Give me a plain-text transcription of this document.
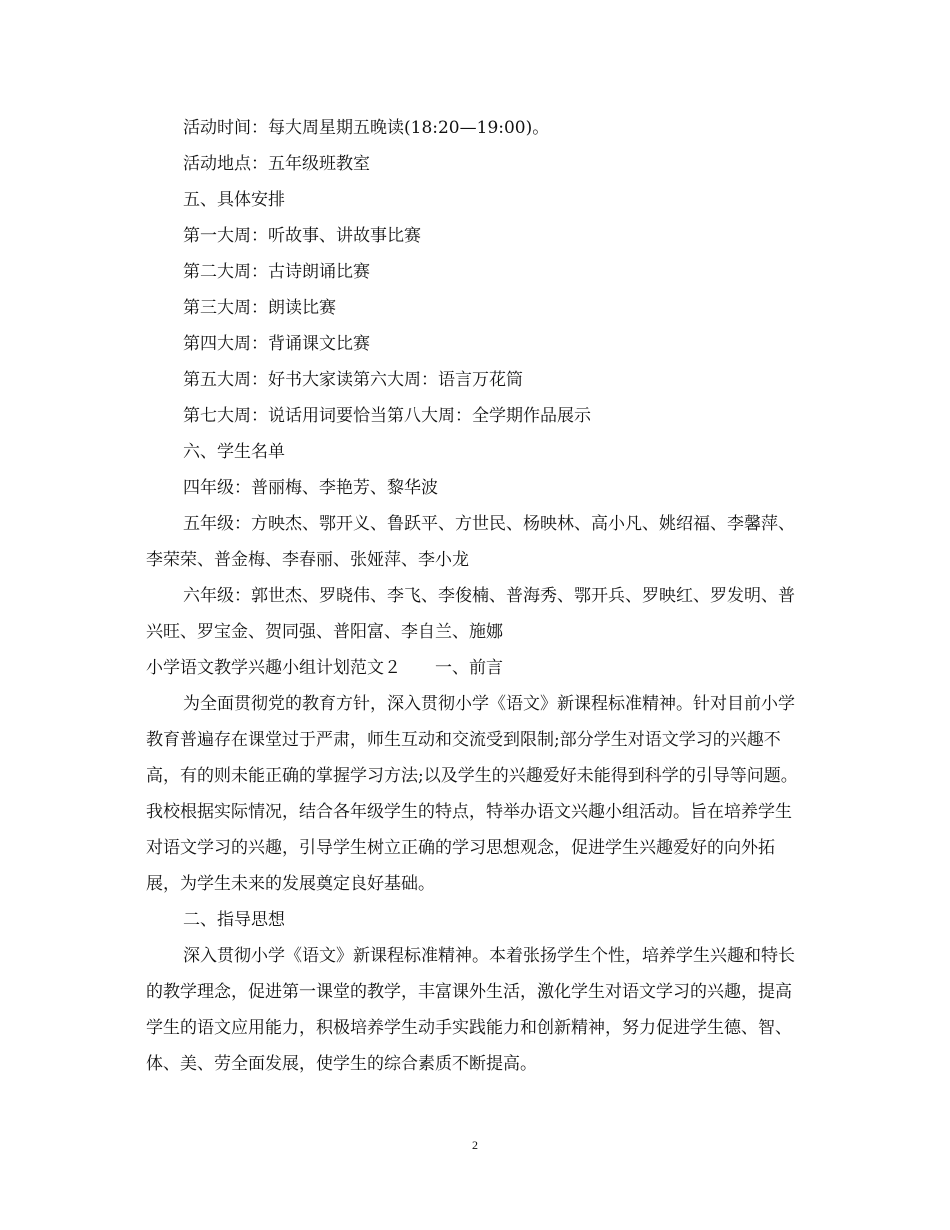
活动时间：每大周星期五晚读(18:20—19:00)。

活动地点：五年级班教室

五、具体安排

第一大周：听故事、讲故事比赛

第二大周：古诗朗诵比赛

第三大周：朗读比赛

第四大周：背诵课文比赛

第五大周：好书大家读第六大周：语言万花筒

第七大周：说话用词要恰当第八大周：全学期作品展示

六、学生名单

四年级：普丽梅、李艳芳、黎华波

五年级：方映杰、鄂开义、鲁跃平、方世民、杨映林、高小凡、姚绍福、李馨萍、李荣荣、普金梅、李春丽、张娅萍、李小龙

六年级：郭世杰、罗晓伟、李飞、李俊楠、普海秀、鄂开兵、罗映红、罗发明、普兴旺、罗宝金、贺同强、普阳富、李自兰、施娜

小学语文教学兴趣小组计划范文２　　一、前言

为全面贯彻党的教育方针，深入贯彻小学《语文》新课程标准精神。针对目前小学教育普遍存在课堂过于严肃，师生互动和交流受到限制;部分学生对语文学习的兴趣不高，有的则未能正确的掌握学习方法;以及学生的兴趣爱好未能得到科学的引导等问题。我校根据实际情况，结合各年级学生的特点，特举办语文兴趣小组活动。旨在培养学生对语文学习的兴趣，引导学生树立正确的学习思想观念，促进学生兴趣爱好的向外拓展，为学生未来的发展奠定良好基础。

二、指导思想

深入贯彻小学《语文》新课程标准精神。本着张扬学生个性，培养学生兴趣和特长的教学理念，促进第一课堂的教学，丰富课外生活，激化学生对语文学习的兴趣，提高学生的语文应用能力，积极培养学生动手实践能力和创新精神，努力促进学生德、智、体、美、劳全面发展，使学生的综合素质不断提高。

2
